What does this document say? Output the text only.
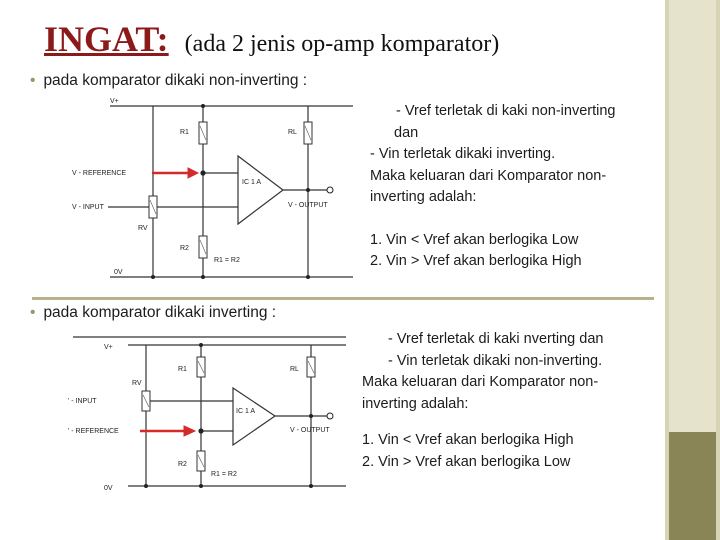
INGAT: (ada 2 jenis op-amp komparator)
• pada komparator dikaki non-inverting :
V+
R1	RL
V - REFERENCE
V - INPUT
IC 1 A
V - OUTPUT
RV
R2
R1 = R2
0V

- Vref terletak di kaki non-inverting

dan

- Vin terletak dikaki inverting.

Maka keluaran dari Komparator non-

inverting adalah:

1. Vin < Vref akan berlogika Low
2. Vin > Vref akan berlogika High
• pada komparator dikaki inverting :
V+
R1	RL
RV
' - INPUT
' - REFERENCE
IC 1 A
V - OUTPUT
R2
R1 = R2
0V

- Vref terletak di kaki nverting dan

- Vin terletak dikaki non-inverting.

Maka keluaran dari Komparator non-

inverting adalah:

1. Vin < Vref akan berlogika High
2. Vin > Vref akan berlogika Low
